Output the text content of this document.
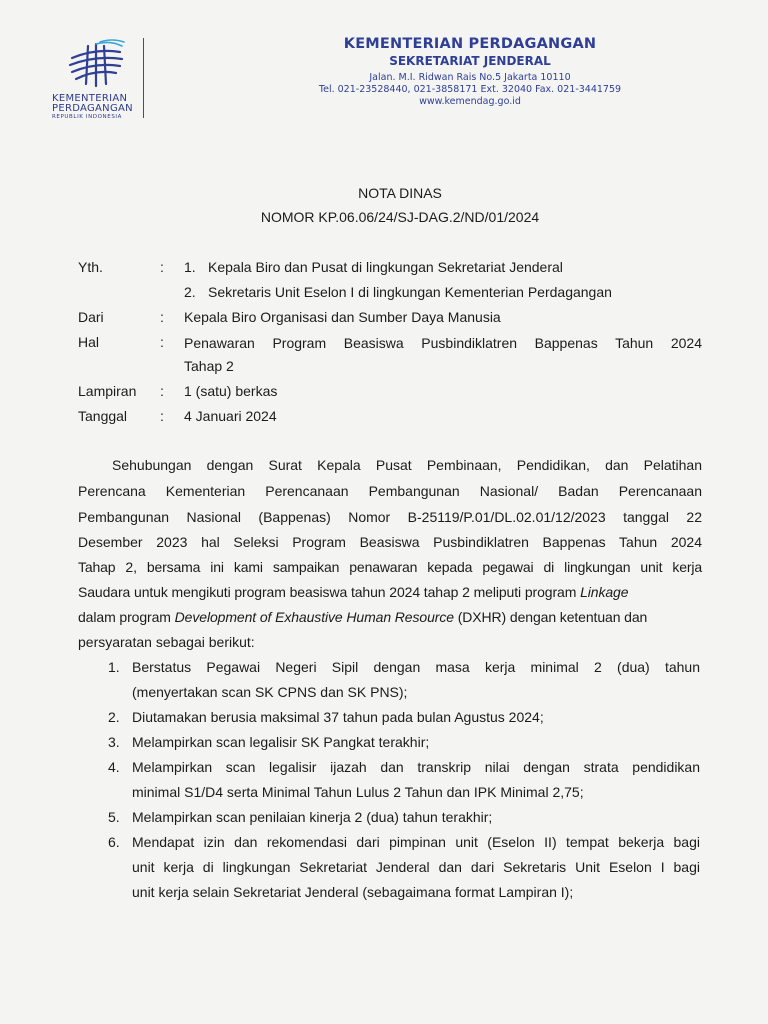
KEMENTERIAN
PERDAGANGAN
REPUBLIK INDONESIA
KEMENTERIAN PERDAGANGAN
SEKRETARIAT JENDERAL
Jalan. M.I. Ridwan Rais No.5 Jakarta 10110
Tel. 021-23528440, 021-3858171 Ext. 32040 Fax. 021-3441759
www.kemendag.go.id
NOTA DINAS
NOMOR KP.06.06/24/SJ-DAG.2/ND/01/2024
Yth.	: 1. Kepala Biro dan Pusat di lingkungan Sekretariat Jenderal
2. Sekretaris Unit Eselon I di lingkungan Kementerian Perdagangan
Dari	: Kepala Biro Organisasi dan Sumber Daya Manusia
Hal	: Penawaran Program Beasiswa Pusbindiklatren Bappenas Tahun 2024
Tahap 2
Lampiran : 1 (satu) berkas
Tanggal : 4 Januari 2024
Sehubungan dengan Surat Kepala Pusat Pembinaan, Pendidikan, dan Pelatihan
Perencana Kementerian Perencanaan Pembangunan Nasional/ Badan Perencanaan
Pembangunan Nasional (Bappenas) Nomor B-25119/P.01/DL.02.01/12/2023 tanggal 22
Desember 2023 hal Seleksi Program Beasiswa Pusbindiklatren Bappenas Tahun 2024
Tahap 2, bersama ini kami sampaikan penawaran kepada pegawai di lingkungan unit kerja
Saudara untuk mengikuti program beasiswa tahun 2024 tahap 2 meliputi program Linkage
dalam program Development of Exhaustive Human Resource (DXHR) dengan ketentuan dan
persyaratan sebagai berikut:
1. Berstatus Pegawai Negeri Sipil dengan masa kerja minimal 2 (dua) tahun
(menyertakan scan SK CPNS dan SK PNS);
2. Diutamakan berusia maksimal 37 tahun pada bulan Agustus 2024;
3. Melampirkan scan legalisir SK Pangkat terakhir;
4. Melampirkan scan legalisir ijazah dan transkrip nilai dengan strata pendidikan
minimal S1/D4 serta Minimal Tahun Lulus 2 Tahun dan IPK Minimal 2,75;
5. Melampirkan scan penilaian kinerja 2 (dua) tahun terakhir;
6. Mendapat izin dan rekomendasi dari pimpinan unit (Eselon II) tempat bekerja bagi
unit kerja di lingkungan Sekretariat Jenderal dan dari Sekretaris Unit Eselon I bagi
unit kerja selain Sekretariat Jenderal (sebagaimana format Lampiran I);
